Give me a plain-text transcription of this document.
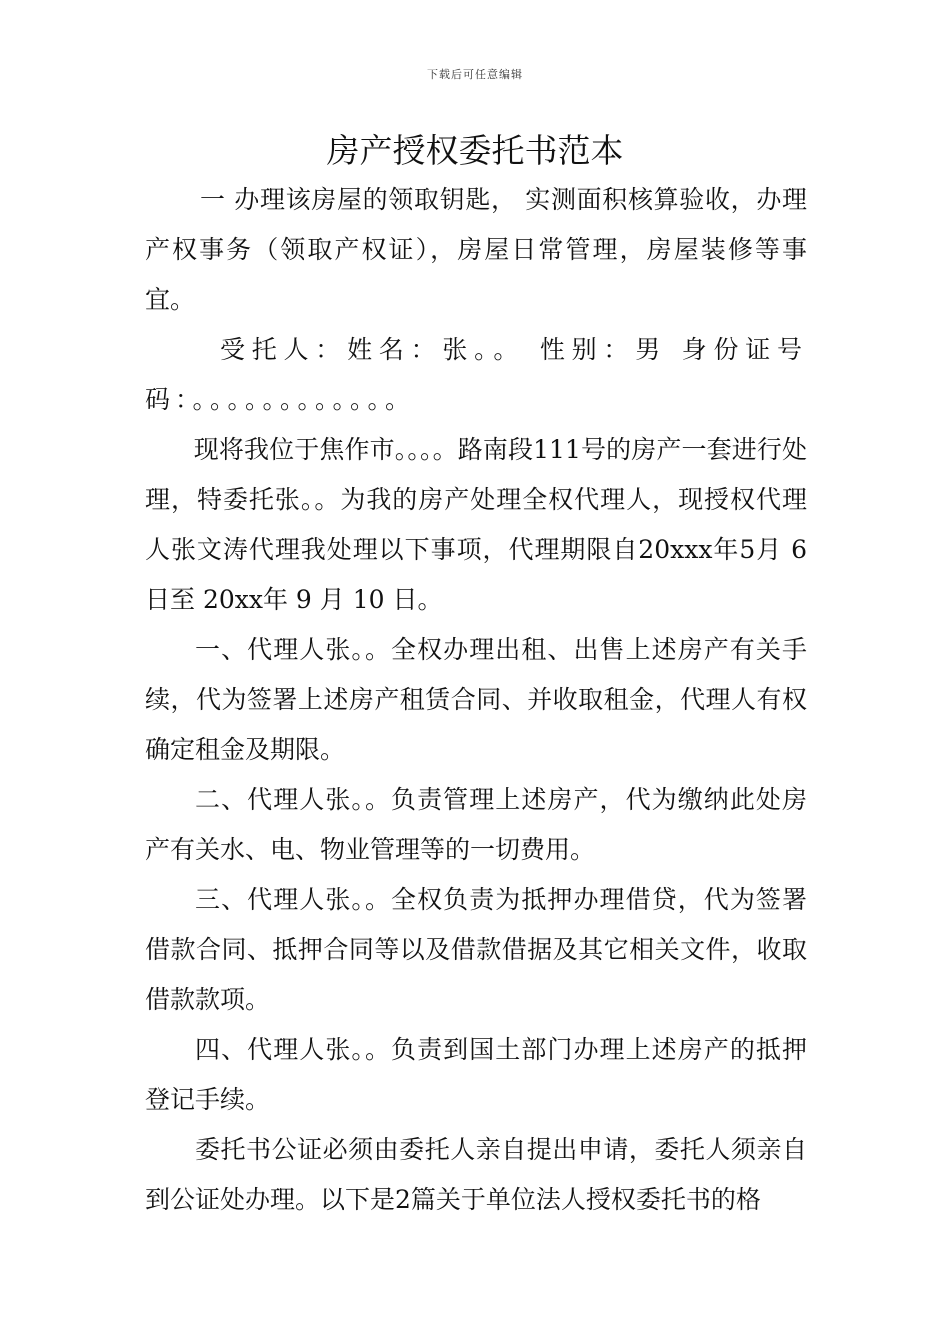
下载后可任意编辑
房产授权委托书范本

一 办理该房屋的领取钥匙， 实测面积核算验收，办理产权事务（领取产权证），房屋日常管理，房屋装修等事宜。

受托人：姓名：张。。 性别：男 身份证号码：。。。。。。。。。。。。

现将我位于焦作市。。。。路南段111号的房产一套进行处理，特委托张。。为我的房产处理全权代理人，现授权代理人张文涛代理我处理以下事项，代理期限自20xxx年5月 6 日至 20xx年 9 月 10 日。

一、代理人张。。全权办理出租、出售上述房产有关手续，代为签署上述房产租赁合同、并收取租金，代理人有权确定租金及期限。

二、代理人张。。负责管理上述房产，代为缴纳此处房产有关水、电、物业管理等的一切费用。

三、代理人张。。全权负责为抵押办理借贷，代为签署借款合同、抵押合同等以及借款借据及其它相关文件，收取借款款项。

四、代理人张。。负责到国土部门办理上述房产的抵押登记手续。

委托书公证必须由委托人亲自提出申请，委托人须亲自到公证处办理。以下是2篇关于单位法人授权委托书的格
